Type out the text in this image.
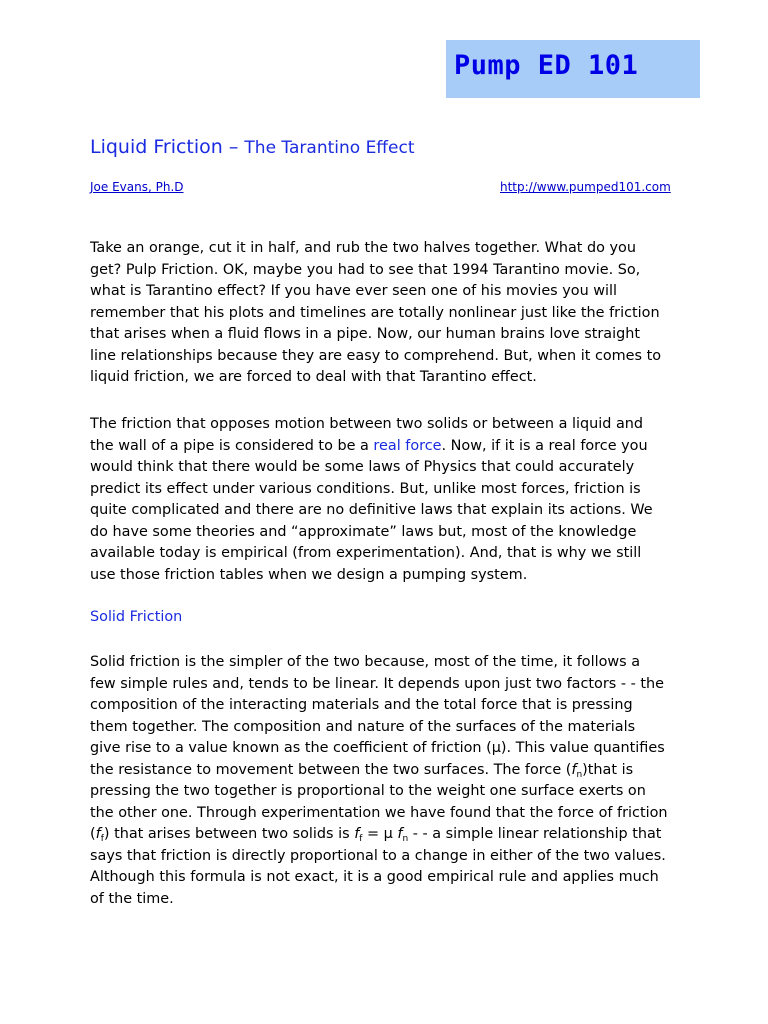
Pump ED 101
Liquid Friction – The Tarantino Effect
Joe Evans, Ph.D	http://www.pumped101.com

Take an orange, cut it in half, and rub the two halves together. What do you get? Pulp Friction. OK, maybe you had to see that 1994 Tarantino movie. So, what is Tarantino effect? If you have ever seen one of his movies you will remember that his plots and timelines are totally nonlinear just like the friction that arises when a fluid flows in a pipe. Now, our human brains love straight line relationships because they are easy to comprehend. But, when it comes to liquid friction, we are forced to deal with that Tarantino effect.

The friction that opposes motion between two solids or between a liquid and the wall of a pipe is considered to be a real force. Now, if it is a real force you would think that there would be some laws of Physics that could accurately predict its effect under various conditions. But, unlike most forces, friction is quite complicated and there are no definitive laws that explain its actions. We do have some theories and “approximate” laws but, most of the knowledge available today is empirical (from experimentation). And, that is why we still use those friction tables when we design a pumping system.

Solid Friction

Solid friction is the simpler of the two because, most of the time, it follows a few simple rules and, tends to be linear. It depends upon just two factors - - the composition of the interacting materials and the total force that is pressing them together. The composition and nature of the surfaces of the materials give rise to a value known as the coefficient of friction (μ). This value quantifies the resistance to movement between the two surfaces. The force $(f_n)that$ is pressing the two together is proportional to the weight one surface exerts on the other one. Through experimentation we have found that the force of friction $(f_f)$ that arises between two solids is $f_f = \mu$ $f_n$ - - a simple linear relationship that says that friction is directly proportional to a change in either of the two values. Although this formula is not exact, it is a good empirical rule and applies much of the time.
